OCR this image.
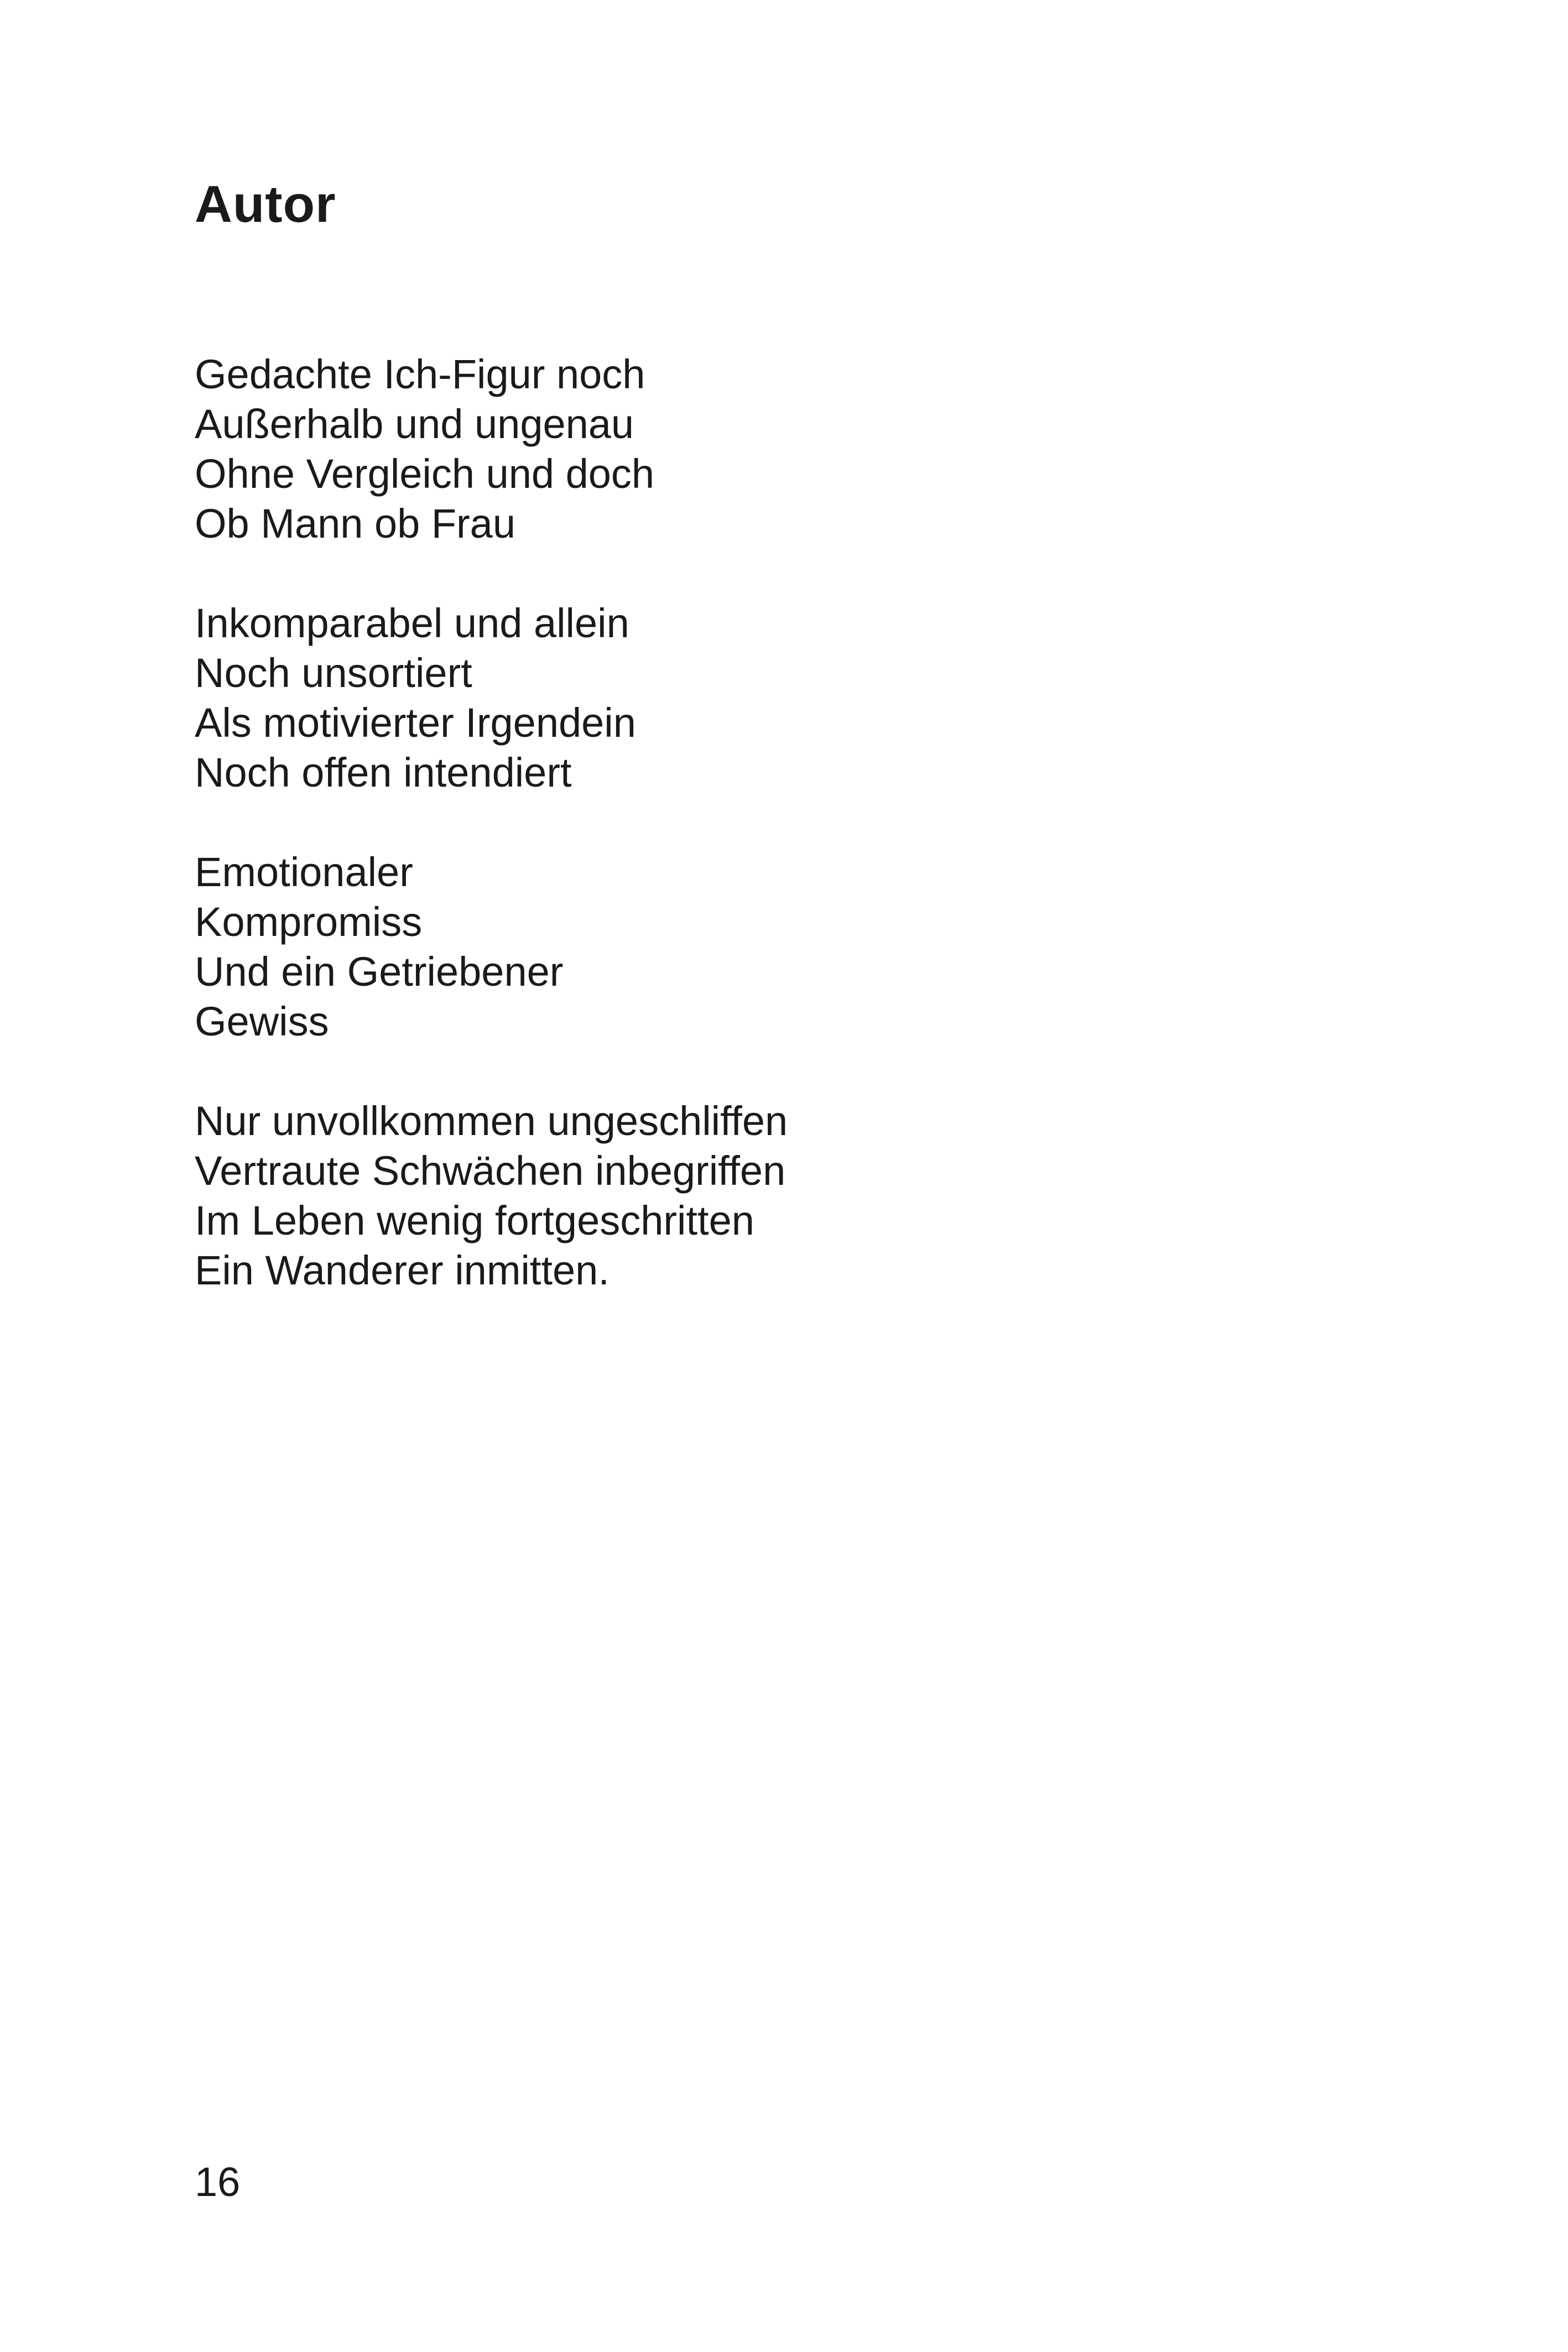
Autor
Gedachte Ich-Figur noch
Außerhalb und ungenau
Ohne Vergleich und doch
Ob Mann ob Frau
Inkomparabel und allein
Noch unsortiert
Als motivierter Irgendein
Noch offen intendiert
Emotionaler
Kompromiss
Und ein Getriebener
Gewiss
Nur unvollkommen ungeschliffen
Vertraute Schwächen inbegriffen
Im Leben wenig fortgeschritten
Ein Wanderer inmitten.
16
